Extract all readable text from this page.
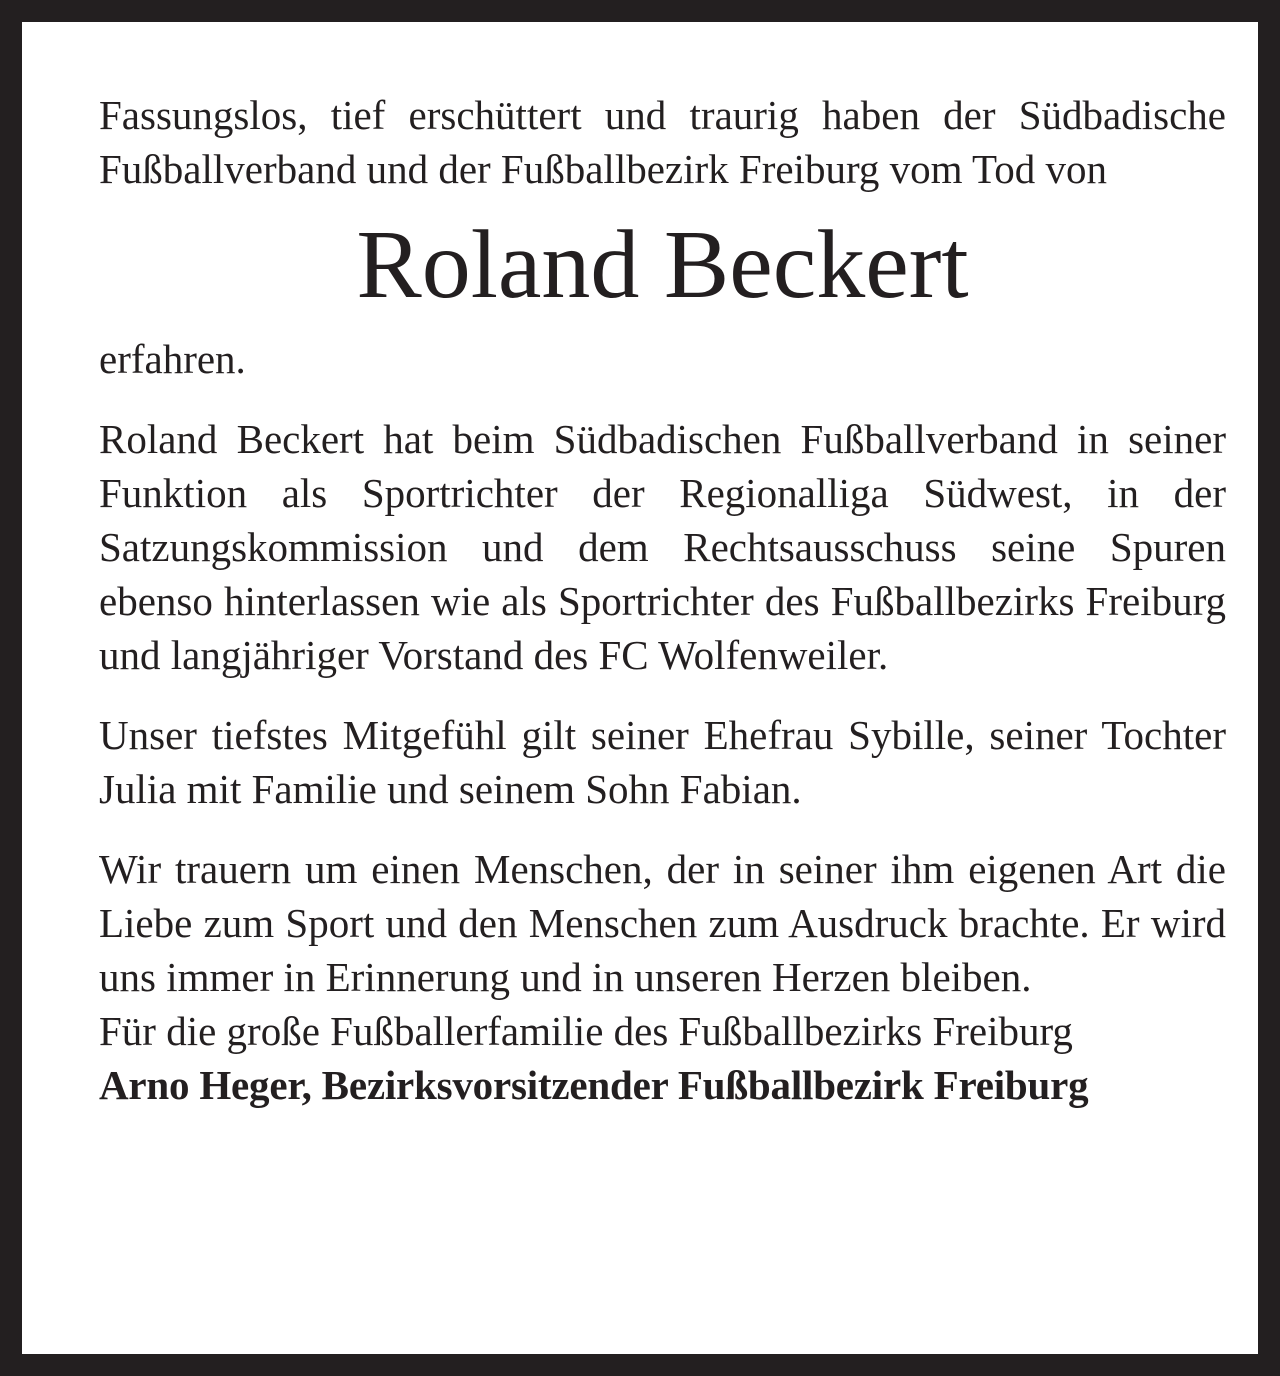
Fassungslos, tief erschüttert und traurig haben der Südbadische Fußballverband und der Fußballbezirk Freiburg vom Tod von

Roland Beckert

erfahren.

Roland Beckert hat beim Südbadischen Fußballverband in seiner Funktion als Sportrichter der Regionalliga Südwest, in der Satzungskommission und dem Rechtsausschuss seine Spuren ebenso hinterlassen wie als Sportrichter des Fußballbezirks Freiburg und langjähriger Vorstand des FC Wolfenweiler.

Unser tiefstes Mitgefühl gilt seiner Ehefrau Sybille, seiner Tochter Julia mit Familie und seinem Sohn Fabian.

Wir trauern um einen Menschen, der in seiner ihm eigenen Art die Liebe zum Sport und den Menschen zum Ausdruck brachte. Er wird uns immer in Erinnerung und in unseren Herzen bleiben.

Für die große Fußballerfamilie des Fußballbezirks Freiburg

Arno Heger, Bezirksvorsitzender Fußballbezirk Freiburg
